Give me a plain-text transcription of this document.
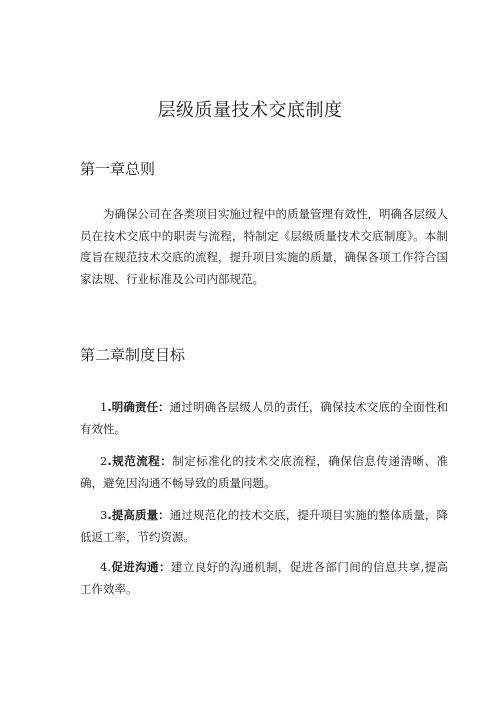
层级质量技术交底制度
第一章总则

为确保公司在各类项目实施过程中的质量管理有效性，明确各层级人员在技术交底中的职责与流程，特制定《层级质量技术交底制度》。本制度旨在规范技术交底的流程，提升项目实施的质量，确保各项工作符合国家法规、行业标准及公司内部规范。

第二章制度目标

1.明确责任：通过明确各层级人员的责任，确保技术交底的全面性和有效性。

2.规范流程：制定标准化的技术交底流程，确保信息传递清晰、准确，避免因沟通不畅导致的质量问题。

3.提高质量：通过规范化的技术交底，提升项目实施的整体质量，降低返工率，节约资源。

4.促进沟通：建立良好的沟通机制，促进各部门间的信息共享,提高工作效率。
